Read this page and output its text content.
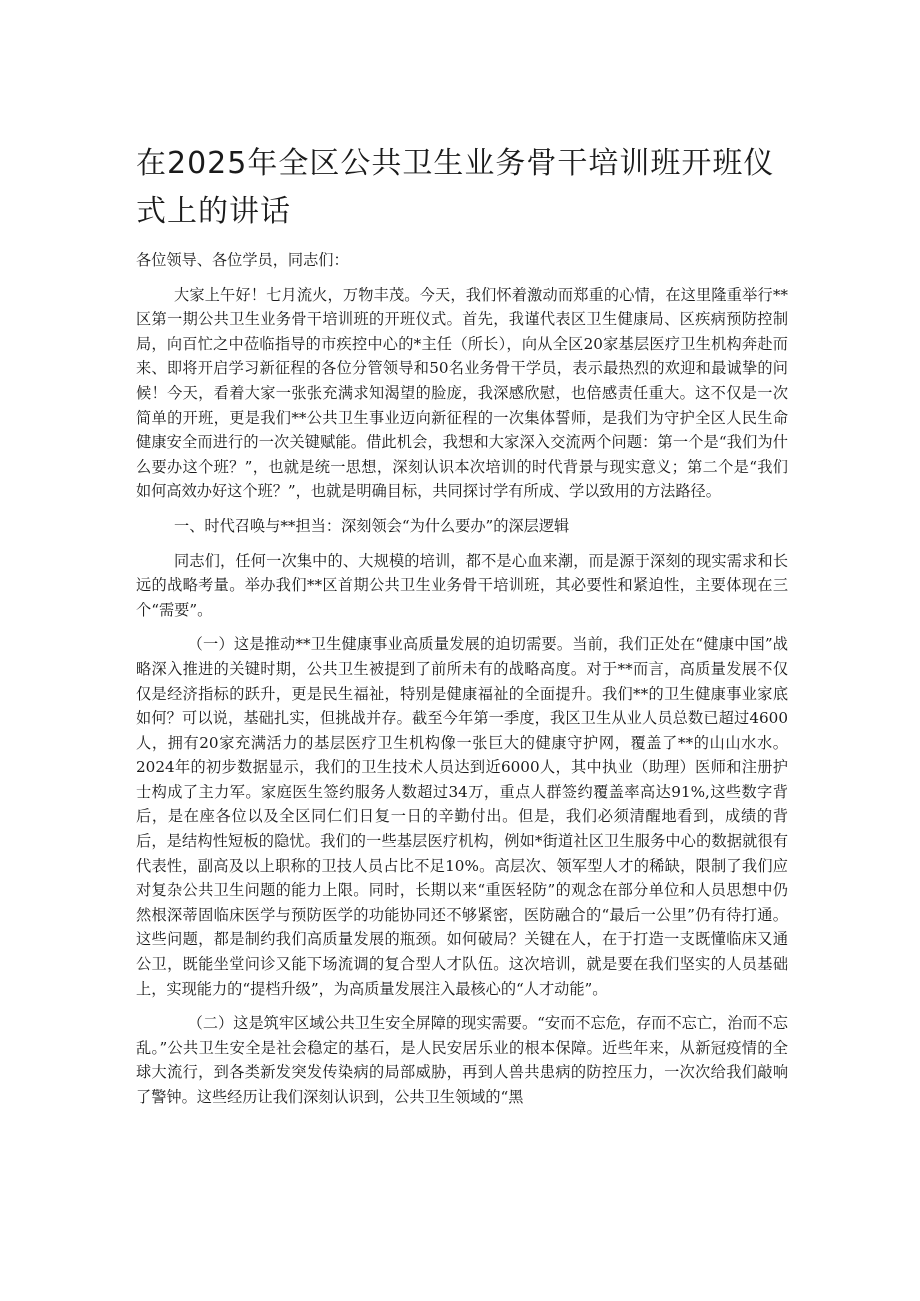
在2025年全区公共卫生业务骨干培训班开班仪式上的讲话

各位领导、各位学员，同志们：

大家上午好！七月流火，万物丰茂。今天，我们怀着激动而郑重的心情，在这里隆重举行**区第一期公共卫生业务骨干培训班的开班仪式。首先，我谨代表区卫生健康局、区疾病预防控制局，向百忙之中莅临指导的市疾控中心的*主任（所长），向从全区20家基层医疗卫生机构奔赴而来、即将开启学习新征程的各位分管领导和50名业务骨干学员，表示最热烈的欢迎和最诚挚的问候！今天，看着大家一张张充满求知渴望的脸庞，我深感欣慰，也倍感责任重大。这不仅是一次简单的开班，更是我们**公共卫生事业迈向新征程的一次集体誓师，是我们为守护全区人民生命健康安全而进行的一次关键赋能。借此机会，我想和大家深入交流两个问题：第一个是“我们为什么要办这个班？”，也就是统一思想，深刻认识本次培训的时代背景与现实意义；第二个是“我们如何高效办好这个班？”，也就是明确目标，共同探讨学有所成、学以致用的方法路径。

一、时代召唤与**担当：深刻领会“为什么要办”的深层逻辑

同志们，任何一次集中的、大规模的培训，都不是心血来潮，而是源于深刻的现实需求和长远的战略考量。举办我们**区首期公共卫生业务骨干培训班，其必要性和紧迫性，主要体现在三个“需要”。

（一）这是推动**卫生健康事业高质量发展的迫切需要。当前，我们正处在“健康中国”战略深入推进的关键时期，公共卫生被提到了前所未有的战略高度。对于**而言，高质量发展不仅仅是经济指标的跃升，更是民生福祉，特别是健康福祉的全面提升。我们**的卫生健康事业家底如何？可以说，基础扎实，但挑战并存。截至今年第一季度，我区卫生从业人员总数已超过4600人，拥有20家充满活力的基层医疗卫生机构像一张巨大的健康守护网，覆盖了**的山山水水。2024年的初步数据显示，我们的卫生技术人员达到近6000人，其中执业（助理）医师和注册护士构成了主力军。家庭医生签约服务人数超过34万，重点人群签约覆盖率高达91%,这些数字背后，是在座各位以及全区同仁们日复一日的辛勤付出。但是，我们必须清醒地看到，成绩的背后，是结构性短板的隐忧。我们的一些基层医疗机构，例如*街道社区卫生服务中心的数据就很有代表性，副高及以上职称的卫技人员占比不足10%。高层次、领军型人才的稀缺，限制了我们应对复杂公共卫生问题的能力上限。同时，长期以来“重医轻防”的观念在部分单位和人员思想中仍然根深蒂固临床医学与预防医学的功能协同还不够紧密，医防融合的“最后一公里”仍有待打通。这些问题，都是制约我们高质量发展的瓶颈。如何破局？关键在人，在于打造一支既懂临床又通公卫，既能坐堂问诊又能下场流调的复合型人才队伍。这次培训，就是要在我们坚实的人员基础上，实现能力的“提档升级”，为高质量发展注入最核心的“人才动能”。

（二）这是筑牢区域公共卫生安全屏障的现实需要。“安而不忘危，存而不忘亡，治而不忘乱。”公共卫生安全是社会稳定的基石，是人民安居乐业的根本保障。近些年来，从新冠疫情的全球大流行，到各类新发突发传染病的局部威胁，再到人兽共患病的防控压力，一次次给我们敲响了警钟。这些经历让我们深刻认识到，公共卫生领域的“黑
